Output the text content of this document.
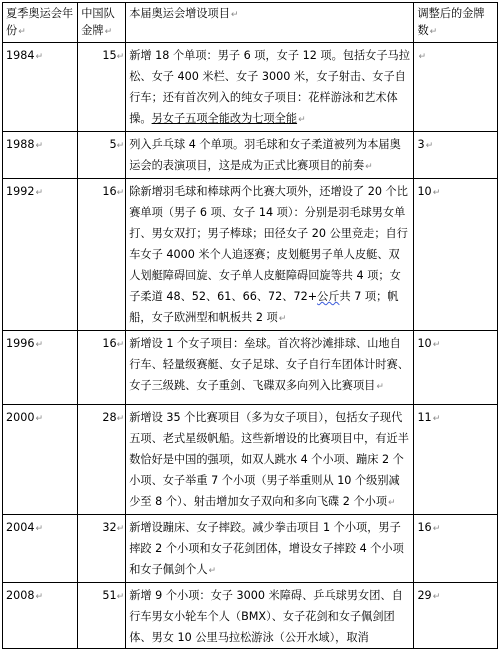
夏季奥运会年份↵	中国队金牌↵	本届奥运会增设项目↵	调整后的金牌数↵
1984↵	15↵	新增 18 个单项：男子 6 项，女子 12 项。包括女子马拉松、女子 400 米栏、女子 3000 米，女子射击、女子自行车；还有首次列入的纯女子项目：花样游泳和艺术体操。另女子五项全能改为七项全能↵	↵
1988↵	5↵	列入乒乓球 4 个单项。羽毛球和女子柔道被列为本届奥运会的表演项目，这是成为正式比赛项目的前奏↵	3↵
1992↵	16↵	除新增羽毛球和棒球两个比赛大项外，还增设了 20 个比赛单项（男子 6 项、女子 14 项）：分别是羽毛球男女单打、男女双打；男子棒球；田径女子 20 公里竞走；自行车女子 4000 米个人追逐赛；皮划艇男子单人皮艇、双人划艇障碍回旋、女子单人皮艇障碍回旋等共 4 项；女子柔道 48、52、61、66、72、72+公斤共 7 项；帆船，女子欧洲型和帆板共 2 项↵	10↵
1996↵	16↵	新增设 1 个女子项目：垒球。首次将沙滩排球、山地自行车、轻量级赛艇、女子足球、女子自行车团体计时赛、女子三级跳、女子重剑、飞碟双多向列入比赛项目↵	10↵
2000↵	28↵	新增设 35 个比赛项目（多为女子项目），包括女子现代五项、老式星级帆船。这些新增设的比赛项目中，有近半数恰好是中国的强项，如双人跳水 4 个小项、蹦床 2 个小项、女子举重 7 个小项（男子举重则从 10 个级别减少至 8 个）、射击增加女子双向和多向飞碟 2 个小项↵	11↵
2004↵	32↵	新增设蹦床、女子摔跤。减少拳击项目 1 个小项，男子摔跤 2 个小项和女子花剑团体，增设女子摔跤 4 个小项和女子佩剑个人↵	16↵
2008↵	51↵	新增 9 个小项：女子 3000 米障碍、乒乓球男女团、自行车男女小轮车个人（BMX）、女子花剑和女子佩剑团体、男女 10 公里马拉松游泳（公开水域），取消	29↵
